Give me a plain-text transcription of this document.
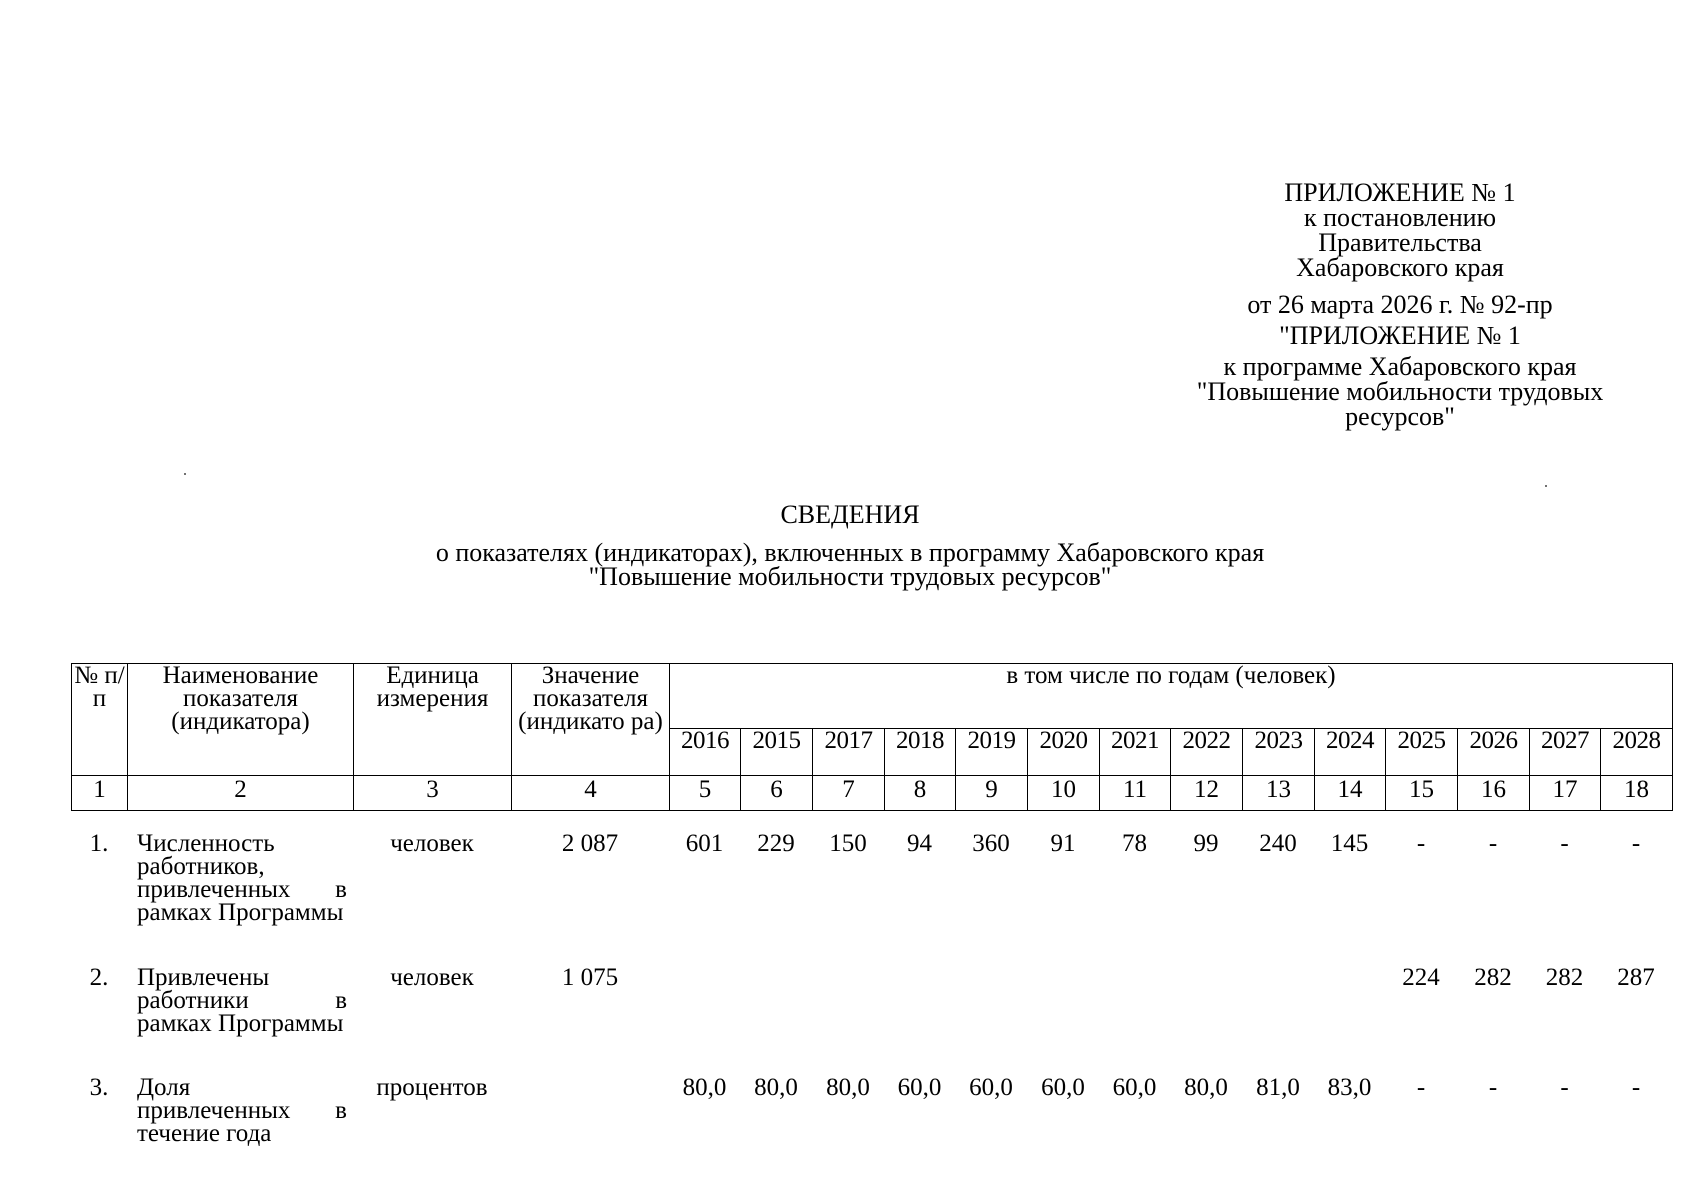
ПРИЛОЖЕНИЕ № 1
к постановлению
Правительства
Хабаровского края
от 26 марта 2026 г. № 92-пр
"ПРИЛОЖЕНИЕ № 1
к программе Хабаровского края
"Повышение мобильности трудовых
ресурсов"
СВЕДЕНИЯ
о показателях (индикаторах), включенных в программу Хабаровского края
"Повышение мобильности трудовых ресурсов"
№ п/ п	Наименование показателя (индикатора)	Единица измерения	Значение показателя (индикато ра)	в том числе по годам (человек)													
				2016	2015	2017	2018	2019	2020	2021	2022	2023	2024	2025	2026	2027	2028
1	2	3	4	5	6	7	8	9	10	11	12	13	14	15	16	17	18
1.	Численность работников, привлеченных в рамках Программы	человек	2 087	601	229	150	94	360	91	78	99	240	145	-	-	-	-
2.	Привлечены работники в рамках Программы	человек	1 075											224	282	282	287
3.	Доля привлеченных в течение года	процентов		80,0	80,0	80,0	60,0	60,0	60,0	60,0	80,0	81,0	83,0	-	-	-	-
